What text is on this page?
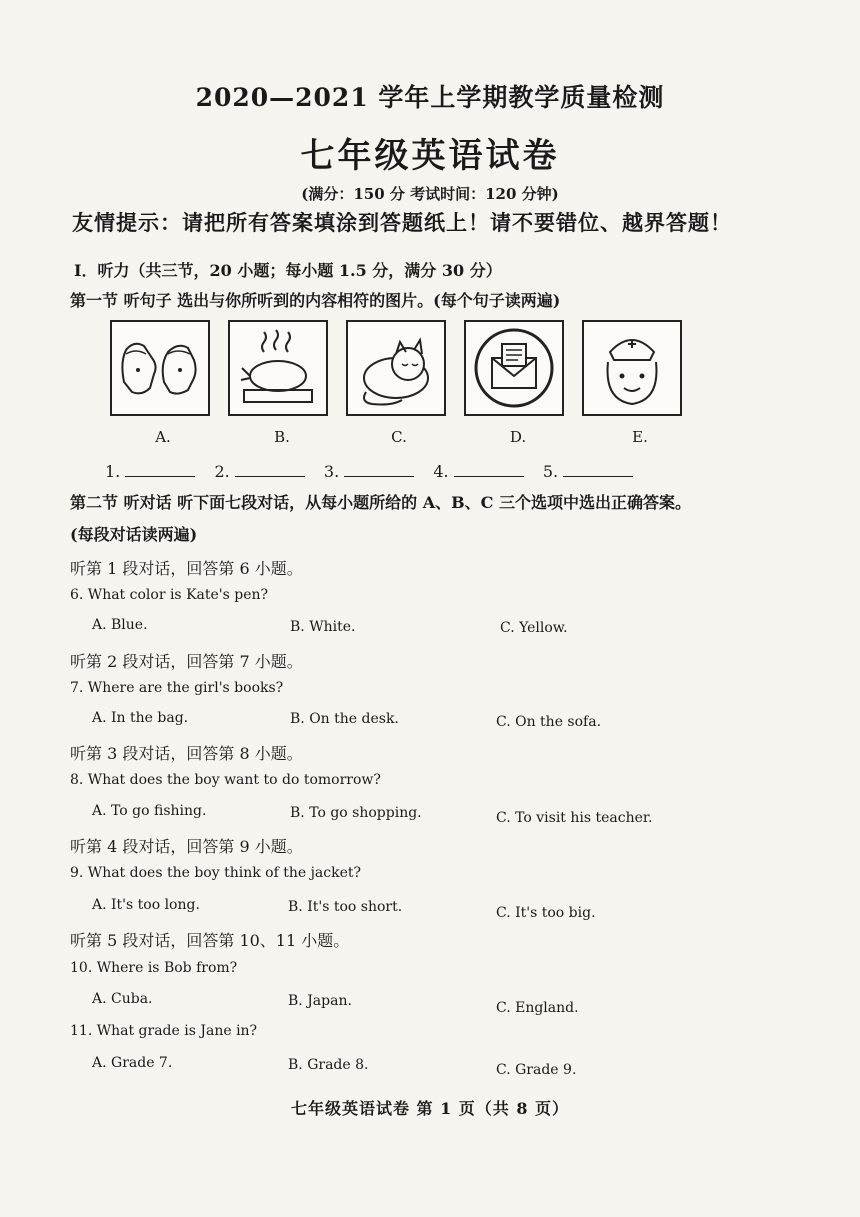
2020—2021 学年上学期教学质量检测
七年级英语试卷
(满分：150 分 考试时间：120 分钟)
友情提示：请把所有答案填涂到答题纸上！请不要错位、越界答题！
I．听力（共三节，20 小题；每小题 1.5 分，满分 30 分）
第一节 听句子 选出与你所听到的内容相符的图片。(每个句子读两遍)
A.	B.	C.	D.	E.
1.	2.	3.	4.	5.
第二节 听对话 听下面七段对话，从每小题所给的 A、B、C 三个选项中选出正确答案。
(每段对话读两遍)
听第 1 段对话，回答第 6 小题。
6. What color is Kate's pen?
A. Blue.	B. White.	C. Yellow.
听第 2 段对话，回答第 7 小题。
7. Where are the girl's books?
A. In the bag.	B. On the desk.	C. On the sofa.
听第 3 段对话，回答第 8 小题。
8. What does the boy want to do tomorrow?
A. To go fishing.	B. To go shopping.	C. To visit his teacher.
听第 4 段对话，回答第 9 小题。
9. What does the boy think of the jacket?
A. It's too long.	B. It's too short.	C. It's too big.
听第 5 段对话，回答第 10、11 小题。
10. Where is Bob from?
A. Cuba.	B. Japan.	C. England.
11. What grade is Jane in?
A. Grade 7.	B. Grade 8.	C. Grade 9.
七年级英语试卷 第 1 页（共 8 页）
